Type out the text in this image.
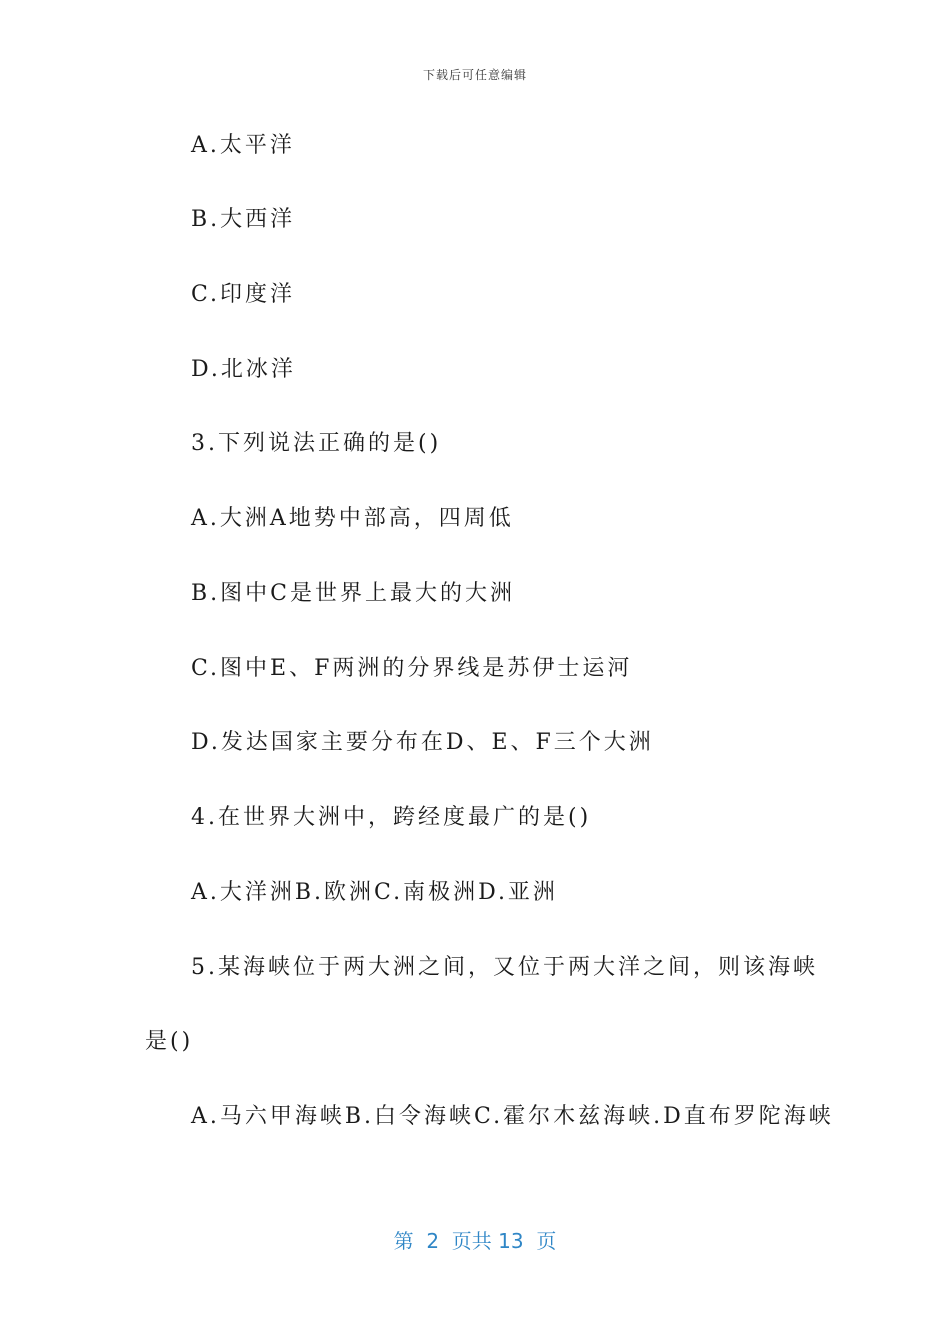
下载后可任意编辑
A.太平洋
B.大西洋
C.印度洋
D.北冰洋
3.下列说法正确的是()
A.大洲A地势中部高，四周低
B.图中C是世界上最大的大洲
C.图中E、F两洲的分界线是苏伊士运河
D.发达国家主要分布在D、E、F三个大洲
4.在世界大洲中，跨经度最广的是()
A.大洋洲B.欧洲C.南极洲D.亚洲
5.某海峡位于两大洲之间，又位于两大洋之间，则该海峡
是()
A.马六甲海峡B.白令海峡C.霍尔木兹海峡.D直布罗陀海峡
第  2  页共 13  页
